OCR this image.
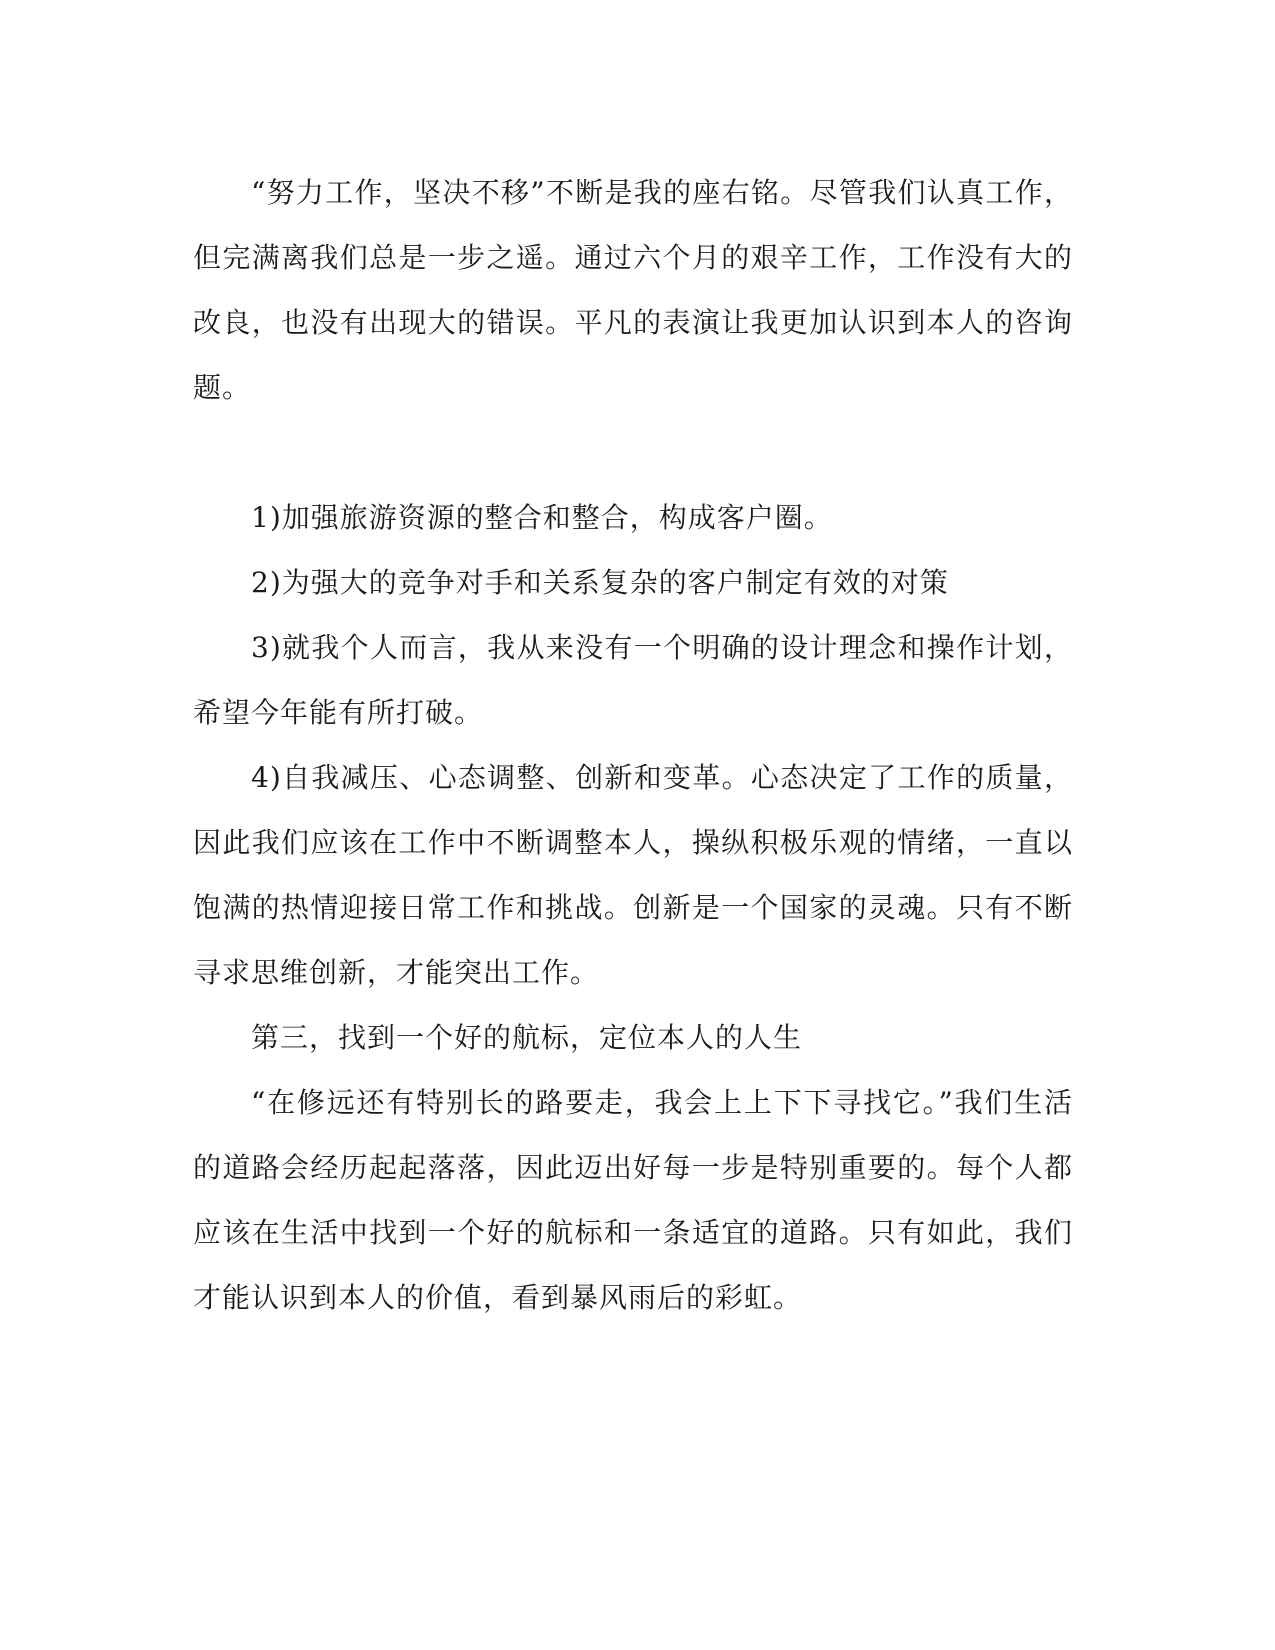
“努力工作，坚决不移”不断是我的座右铭。尽管我们认真工作，但完满离我们总是一步之遥。通过六个月的艰辛工作，工作没有大的改良，也没有出现大的错误。平凡的表演让我更加认识到本人的咨询题。

1)加强旅游资源的整合和整合，构成客户圈。

2)为强大的竞争对手和关系复杂的客户制定有效的对策

3)就我个人而言，我从来没有一个明确的设计理念和操作计划，希望今年能有所打破。

4)自我减压、心态调整、创新和变革。心态决定了工作的质量，因此我们应该在工作中不断调整本人，操纵积极乐观的情绪，一直以饱满的热情迎接日常工作和挑战。创新是一个国家的灵魂。只有不断寻求思维创新，才能突出工作。

第三，找到一个好的航标，定位本人的人生

“在修远还有特别长的路要走，我会上上下下寻找它。”我们生活的道路会经历起起落落，因此迈出好每一步是特别重要的。每个人都应该在生活中找到一个好的航标和一条适宜的道路。只有如此，我们才能认识到本人的价值，看到暴风雨后的彩虹。
